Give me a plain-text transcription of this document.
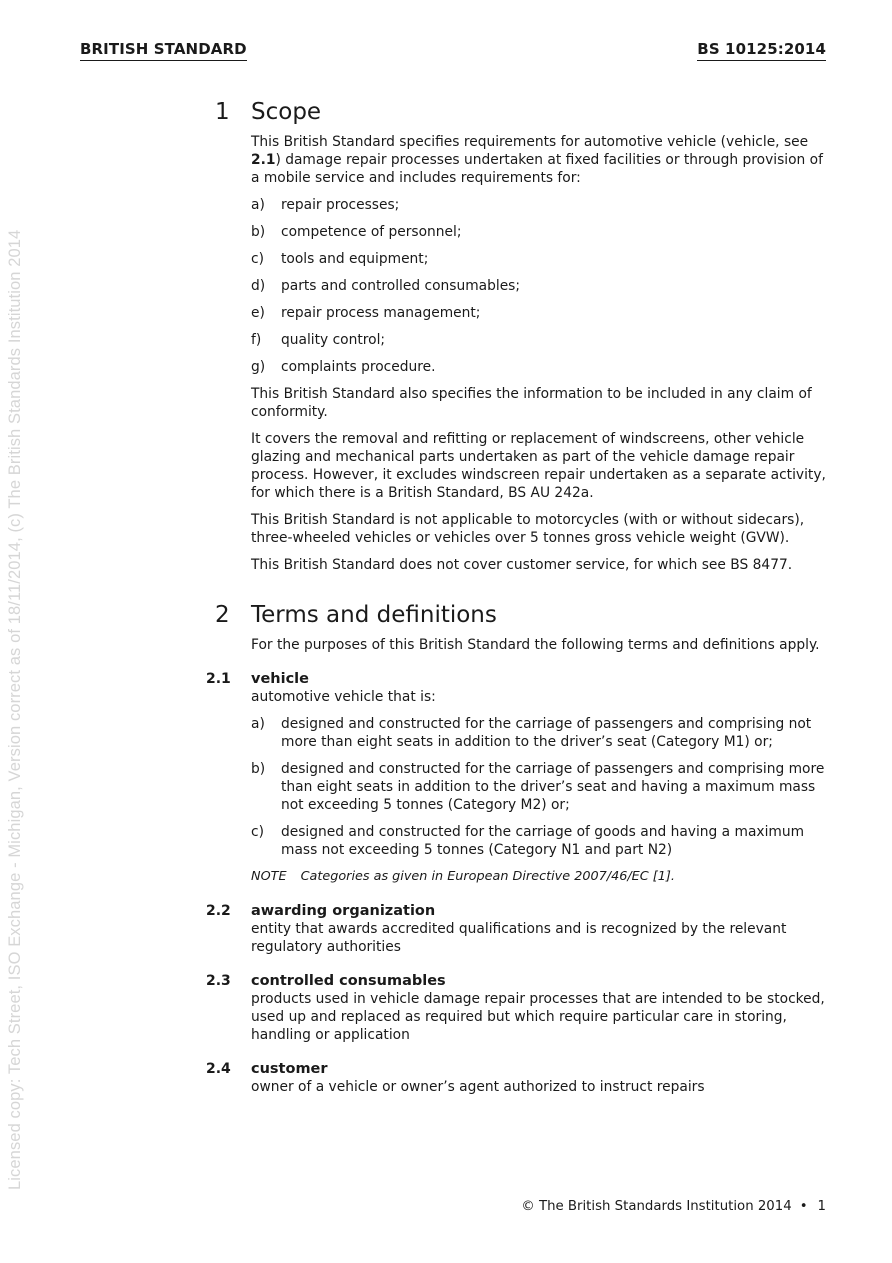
BRITISH STANDARD	BS 10125:2014
Licensed copy: Tech Street, ISO Exchange - Michigan, Version correct as of 18/11/2014, (c) The British Standards Institution 2014
1 Scope

This British Standard specifies requirements for automotive vehicle (vehicle, see 2.1) damage repair processes undertaken at fixed facilities or through provision of a mobile service and includes requirements for:

a) repair processes;
b) competence of personnel;
c) tools and equipment;
d) parts and controlled consumables;
e) repair process management;
f) quality control;
g) complaints procedure.

This British Standard also specifies the information to be included in any claim of conformity.

It covers the removal and refitting or replacement of windscreens, other vehicle glazing and mechanical parts undertaken as part of the vehicle damage repair process. However, it excludes windscreen repair undertaken as a separate activity, for which there is a British Standard, BS AU 242a.

This British Standard is not applicable to motorcycles (with or without sidecars), three-wheeled vehicles or vehicles over 5 tonnes gross vehicle weight (GVW).

This British Standard does not cover customer service, for which see BS 8477.

2 Terms and definitions

For the purposes of this British Standard the following terms and definitions apply.

2.1 vehicle
automotive vehicle that is:
a) designed and constructed for the carriage of passengers and comprising not more than eight seats in addition to the driver’s seat (Category M1) or;
b) designed and constructed for the carriage of passengers and comprising more than eight seats in addition to the driver’s seat and having a maximum mass not exceeding 5 tonnes (Category M2) or;
c) designed and constructed for the carriage of goods and having a maximum mass not exceeding 5 tonnes (Category N1 and part N2)

NOTE Categories as given in European Directive 2007/46/EC [1].

2.2 awarding organization
entity that awards accredited qualifications and is recognized by the relevant regulatory authorities
2.3 controlled consumables
products used in vehicle damage repair processes that are intended to be stocked, used up and replaced as required but which require particular care in storing, handling or application
2.4 customer
owner of a vehicle or owner’s agent authorized to instruct repairs
© The British Standards Institution 2014 • 1
